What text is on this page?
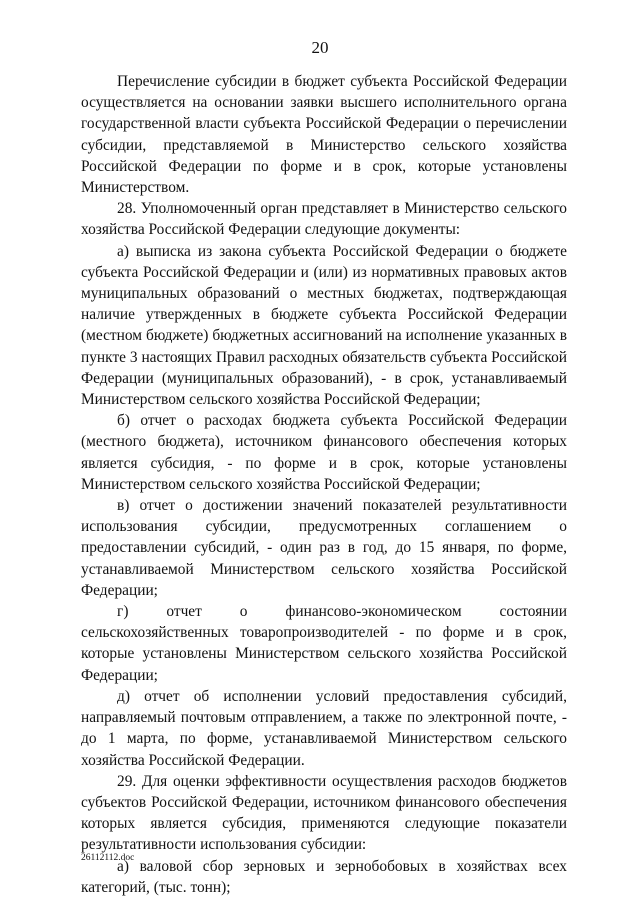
20

Перечисление субсидии в бюджет субъекта Российской Федерации осуществляется на основании заявки высшего исполнительного органа государственной власти субъекта Российской Федерации о перечислении субсидии, представляемой в Министерство сельского хозяйства Российской Федерации по форме и в срок, которые установлены Министерством.

28. Уполномоченный орган представляет в Министерство сельского хозяйства Российской Федерации следующие документы:

а) выписка из закона субъекта Российской Федерации о бюджете субъекта Российской Федерации и (или) из нормативных правовых актов муниципальных образований о местных бюджетах, подтверждающая наличие утвержденных в бюджете субъекта Российской Федерации (местном бюджете) бюджетных ассигнований на исполнение указанных в пункте 3 настоящих Правил расходных обязательств субъекта Российской Федерации (муниципальных образований), - в срок, устанавливаемый Министерством сельского хозяйства Российской Федерации;

б) отчет о расходах бюджета субъекта Российской Федерации (местного бюджета), источником финансового обеспечения которых является субсидия, - по форме и в срок, которые установлены Министерством сельского хозяйства Российской Федерации;

в) отчет о достижении значений показателей результативности использования субсидии, предусмотренных соглашением о предоставлении субсидий, - один раз в год, до 15 января, по форме, устанавливаемой Министерством сельского хозяйства Российской Федерации;

г) отчет о финансово-экономическом состоянии сельскохозяйственных товаропроизводителей - по форме и в срок, которые установлены Министерством сельского хозяйства Российской Федерации;

д) отчет об исполнении условий предоставления субсидий, направляемый почтовым отправлением, а также по электронной почте, - до 1 марта, по форме, устанавливаемой Министерством сельского хозяйства Российской Федерации.

29. Для оценки эффективности осуществления расходов бюджетов субъектов Российской Федерации, источником финансового обеспечения которых является субсидия, применяются следующие показатели результативности использования субсидии:

а) валовой сбор зерновых и зернобобовых в хозяйствах всех категорий, (тыс. тонн);

26112112.doc
